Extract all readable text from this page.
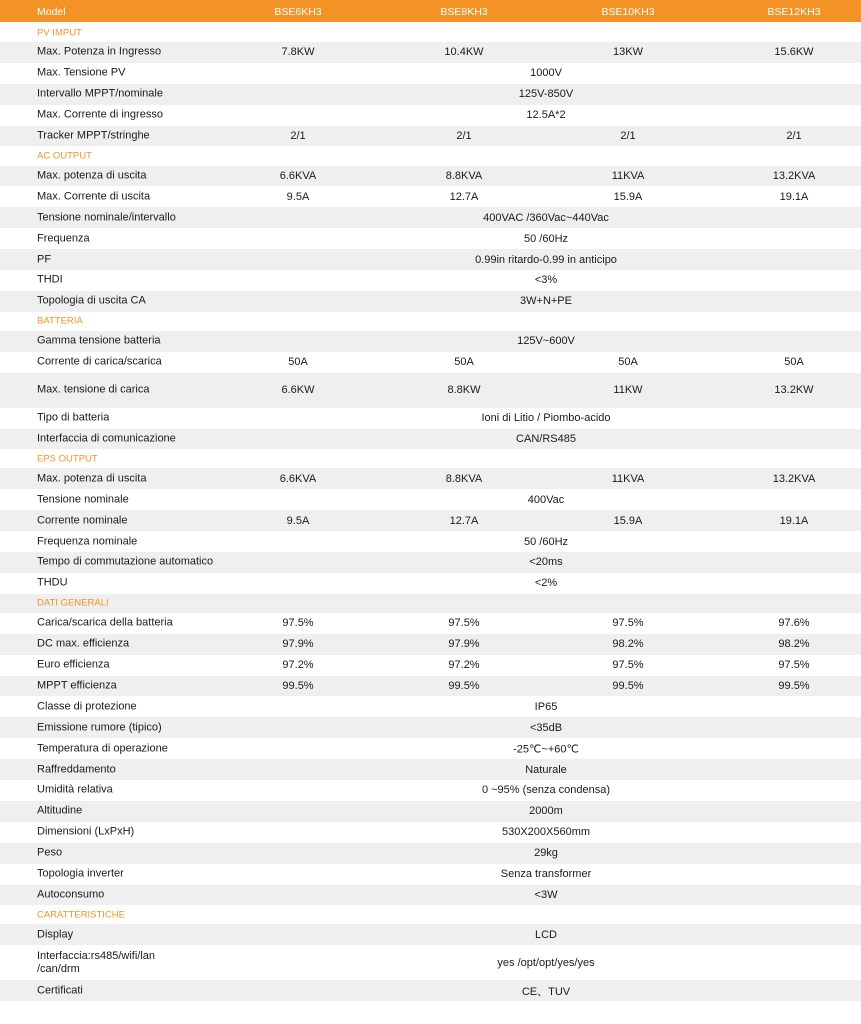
Model	BSE6KH3	BSE8KH3	BSE10KH3	BSE12KH3
PV IMPUT
Max. Potenza in Ingresso	7.8KW	10.4KW	13KW	15.6KW
Max. Tensione PV	1000V
Intervallo MPPT/nominale	125V-850V
Max. Corrente di ingresso	12.5A*2
Tracker MPPT/stringhe	2/1	2/1	2/1	2/1
AC OUTPUT
Max. potenza di uscita	6.6KVA	8.8KVA	11KVA	13.2KVA
Max. Corrente di uscita	9.5A	12.7A	15.9A	19.1A
Tensione nominale/intervallo	400VAC /360Vac~440Vac
Frequenza	50 /60Hz
PF	0.99in ritardo-0.99 in anticipo
THDI	<3%
Topologia di uscita CA	3W+N+PE
BATTERIA
Gamma tensione batteria	125V~600V
Corrente di carica/scarica	50A	50A	50A	50A
Max. tensione di carica	6.6KW	8.8KW	11KW	13.2KW
Tipo di batteria	Ioni di Litio / Piombo-acido
Interfaccia di comunicazione	CAN/RS485
EPS OUTPUT
Max. potenza di uscita	6.6KVA	8.8KVA	11KVA	13.2KVA
Tensione nominale	400Vac
Corrente nominale	9.5A	12.7A	15.9A	19.1A
Frequenza nominale	50 /60Hz
Tempo di commutazione automatico	<20ms
THDU	<2%
DATI GENERALI
Carica/scarica della batteria	97.5%	97.5%	97.5%	97.6%
DC max. efficienza	97.9%	97.9%	98.2%	98.2%
Euro efficienza	97.2%	97.2%	97.5%	97.5%
MPPT efficienza	99.5%	99.5%	99.5%	99.5%
Classe di protezione	IP65
Emissione rumore (tipico)	<35dB
Temperatura di operazione	-25℃~+60℃
Raffreddamento	Naturale
Umidità relativa	0 ~95% (senza condensa)
Altitudine	2000m
Dimensioni (LxPxH)	530X200X560mm
Peso	29kg
Topologia inverter	Senza transformer
Autoconsumo	<3W
CARATTERISTICHE
Display	LCD
Interfaccia:rs485/wifi/lan
/can/drm	yes /opt/opt/yes/yes
Certificati	CE、TUV
